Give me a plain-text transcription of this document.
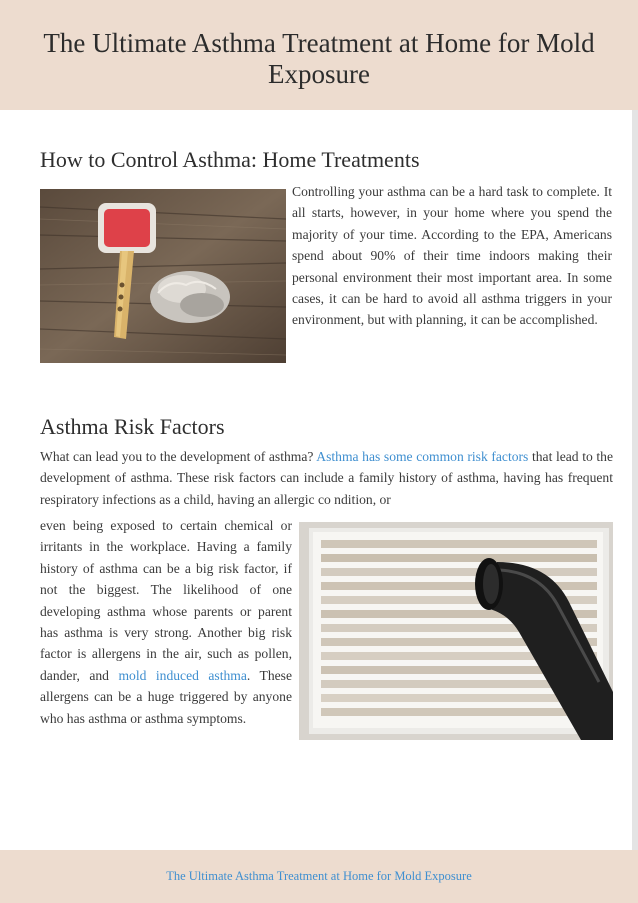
The Ultimate Asthma Treatment at Home for Mold Exposure
How to Control Asthma: Home Treatments

Controlling your asthma can be a hard task to complete. It all starts, however, in your home where you spend the majority of your time. According to the EPA, Americans spend about 90% of their time indoors making their personal environment their most important area. In some cases, it can be hard to avoid all asthma triggers in your environment, but with planning, it can be accomplished.

Asthma Risk Factors

What can lead you to the development of asthma? Asthma has some common risk factors that lead to the development of asthma. These risk factors can include a family history of asthma, having has frequent respiratory infections as a child, having an allergic co ndition, or

even being exposed to certain chemical or irritants in the workplace. Having a family history of asthma can be a big risk factor, if not the biggest. The likelihood of one developing asthma whose parents or parent has asthma is very strong. Another big risk factor is allergens in the air, such as pollen, dander, and mold induced asthma. These allergens can be a huge triggered by anyone who has asthma or asthma symptoms.

The Ultimate Asthma Treatment at Home for Mold Exposure
